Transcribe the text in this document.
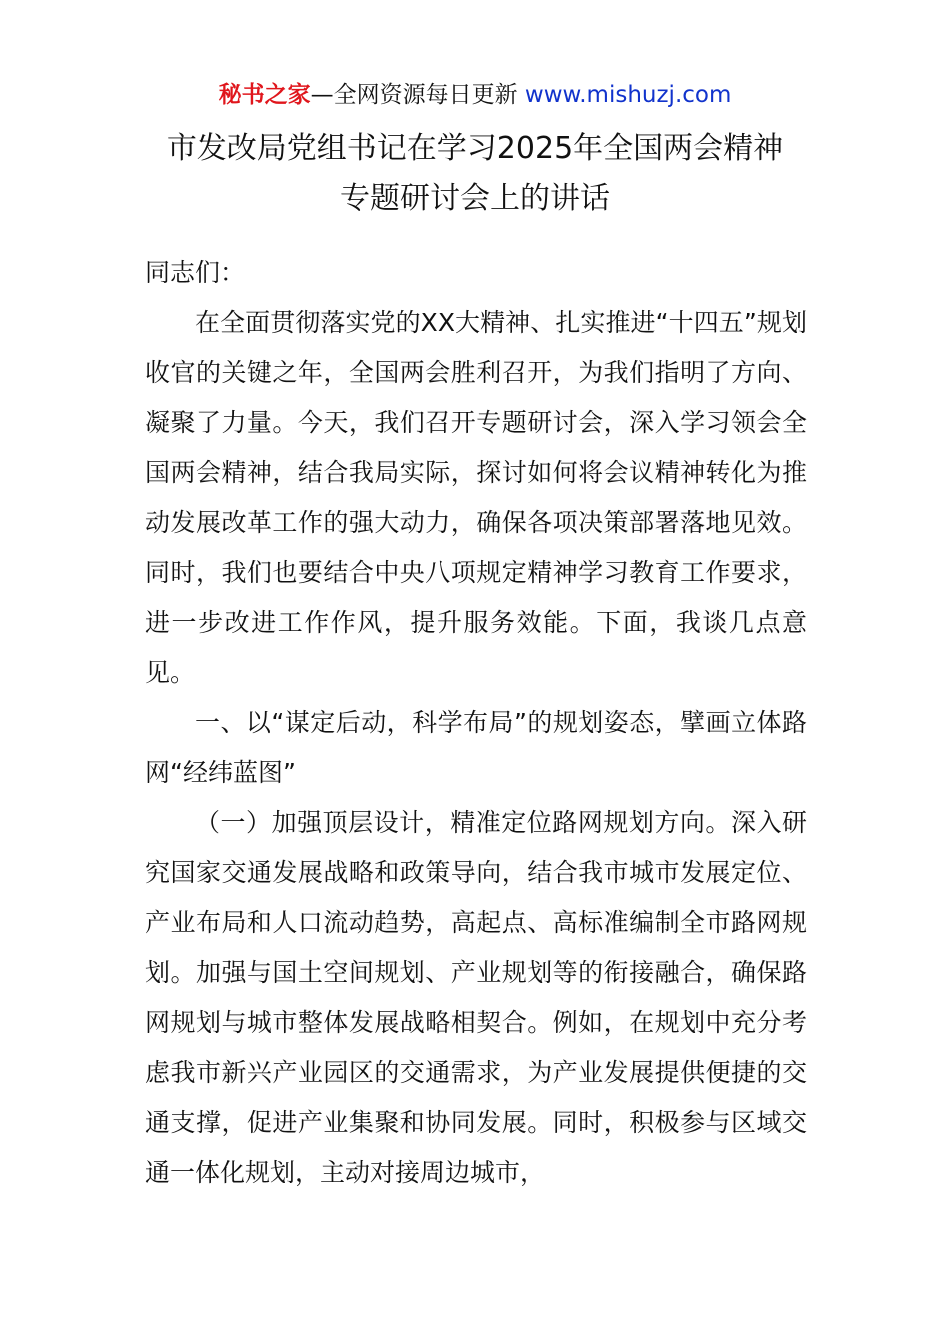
秘书之家—全网资源每日更新 www.mishuzj.com
市发改局党组书记在学习2025年全国两会精神
专题研讨会上的讲话

同志们：

在全面贯彻落实党的XX大精神、扎实推进“十四五”规划收官的关键之年，全国两会胜利召开，为我们指明了方向、凝聚了力量。今天，我们召开专题研讨会，深入学习领会全国两会精神，结合我局实际，探讨如何将会议精神转化为推动发展改革工作的强大动力，确保各项决策部署落地见效。同时，我们也要结合中央八项规定精神学习教育工作要求，进一步改进工作作风，提升服务效能。下面，我谈几点意见。

一、以“谋定后动，科学布局”的规划姿态，擘画立体路网“经纬蓝图”

（一）加强顶层设计，精准定位路网规划方向。深入研究国家交通发展战略和政策导向，结合我市城市发展定位、产业布局和人口流动趋势，高起点、高标准编制全市路网规划。加强与国土空间规划、产业规划等的衔接融合，确保路网规划与城市整体发展战略相契合。例如，在规划中充分考虑我市新兴产业园区的交通需求，为产业发展提供便捷的交通支撑，促进产业集聚和协同发展。同时，积极参与区域交通一体化规划，主动对接周边城市，
